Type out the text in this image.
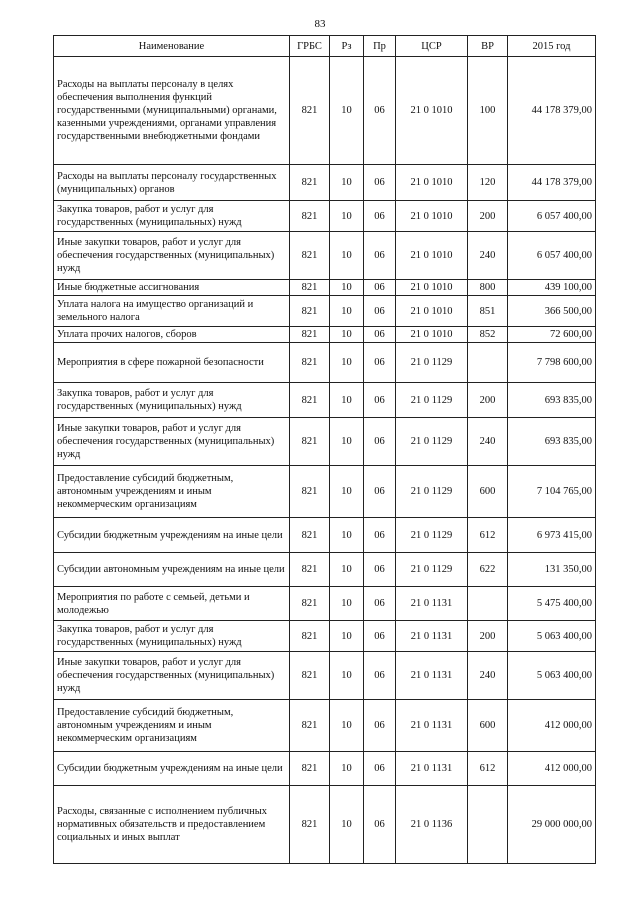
83
Наименование	ГРБС	Рз	Пр	ЦСР	ВР	2015 год
Расходы на выплаты персоналу в целях обеспечения выполнения функций государственными (муниципальными) органами, казенными учреждениями, органами управления государственными внебюджетными фондами	821	10	06	21 0 1010	100	44 178 379,00
Расходы на выплаты персоналу государственных (муниципальных) органов	821	10	06	21 0 1010	120	44 178 379,00
Закупка товаров, работ и услуг для государственных (муниципальных) нужд	821	10	06	21 0 1010	200	6 057 400,00
Иные закупки товаров, работ и услуг для обеспечения государственных (муниципальных) нужд	821	10	06	21 0 1010	240	6 057 400,00
Иные бюджетные ассигнования	821	10	06	21 0 1010	800	439 100,00
Уплата налога на имущество организаций и земельного налога	821	10	06	21 0 1010	851	366 500,00
Уплата прочих налогов, сборов	821	10	06	21 0 1010	852	72 600,00
Мероприятия в сфере пожарной безопасности	821	10	06	21 0 1129		7 798 600,00
Закупка товаров, работ и услуг для государственных (муниципальных) нужд	821	10	06	21 0 1129	200	693 835,00
Иные закупки товаров, работ и услуг для обеспечения государственных (муниципальных) нужд	821	10	06	21 0 1129	240	693 835,00
Предоставление субсидий бюджетным, автономным учреждениям и иным некоммерческим организациям	821	10	06	21 0 1129	600	7 104 765,00
Субсидии бюджетным учреждениям на иные цели	821	10	06	21 0 1129	612	6 973 415,00
Субсидии автономным учреждениям на иные цели	821	10	06	21 0 1129	622	131 350,00
Мероприятия по работе с семьей, детьми и молодежью	821	10	06	21 0 1131		5 475 400,00
Закупка товаров, работ и услуг для государственных (муниципальных) нужд	821	10	06	21 0 1131	200	5 063 400,00
Иные закупки товаров, работ и услуг для обеспечения государственных (муниципальных) нужд	821	10	06	21 0 1131	240	5 063 400,00
Предоставление субсидий бюджетным, автономным учреждениям и иным некоммерческим организациям	821	10	06	21 0 1131	600	412 000,00
Субсидии бюджетным учреждениям на иные цели	821	10	06	21 0 1131	612	412 000,00
Расходы, связанные с исполнением публичных нормативных обязательств и предоставлением социальных и иных выплат	821	10	06	21 0 1136		29 000 000,00
